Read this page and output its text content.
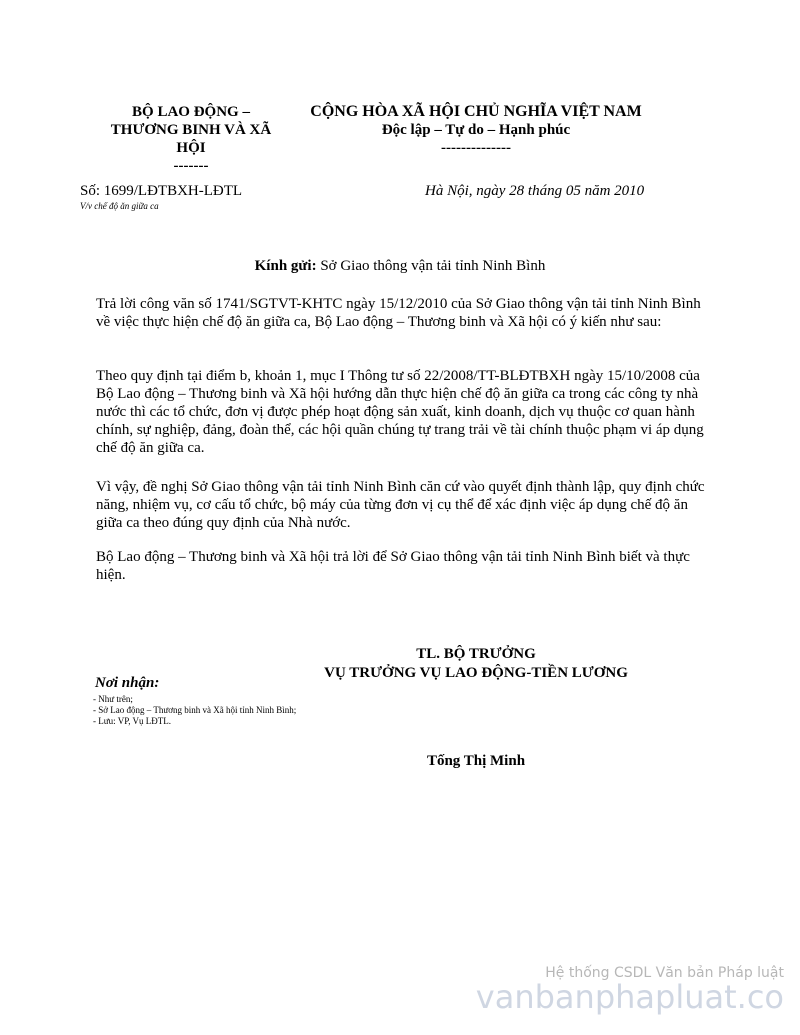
BỘ LAO ĐỘNG –
THƯƠNG BINH VÀ XÃ
HỘI
-------
CỘNG HÒA XÃ HỘI CHỦ NGHĨA VIỆT NAM
Độc lập – Tự do – Hạnh phúc
--------------
Số: 1699/LĐTBXH-LĐTL
V/v chế độ ăn giữa ca
Hà Nội, ngày 28 tháng 05 năm 2010
Kính gửi: Sở Giao thông vận tải tỉnh Ninh Bình

Trả lời công văn số 1741/SGTVT-KHTC ngày 15/12/2010 của Sở Giao thông vận tải tỉnh Ninh Bình về việc thực hiện chế độ ăn giữa ca, Bộ Lao động – Thương binh và Xã hội có ý kiến như sau:

Theo quy định tại điểm b, khoản 1, mục I Thông tư số 22/2008/TT-BLĐTBXH ngày 15/10/2008 của Bộ Lao động – Thương binh và Xã hội hướng dẫn thực hiện chế độ ăn giữa ca trong các công ty nhà nước thì các tổ chức, đơn vị được phép hoạt động sản xuất, kinh doanh, dịch vụ thuộc cơ quan hành chính, sự nghiệp, đảng, đoàn thể, các hội quần chúng tự trang trải về tài chính thuộc phạm vi áp dụng chế độ ăn giữa ca.

Vì vậy, đề nghị Sở Giao thông vận tải tỉnh Ninh Bình căn cứ vào quyết định thành lập, quy định chức năng, nhiệm vụ, cơ cấu tổ chức, bộ máy của từng đơn vị cụ thể để xác định việc áp dụng chế độ ăn giữa ca theo đúng quy định của Nhà nước.

Bộ Lao động – Thương binh và Xã hội trả lời để Sở Giao thông vận tải tỉnh Ninh Bình biết và thực hiện.

TL. BỘ TRƯỞNG
VỤ TRƯỞNG VỤ LAO ĐỘNG-TIỀN LƯƠNG
Tống Thị Minh
Nơi nhận:
- Như trên;
- Sở Lao động – Thương binh và Xã hội tỉnh Ninh Bình;
- Lưu: VP, Vụ LĐTL.
Hệ thống CSDL Văn bản Pháp luật
vanbanphapluat.co
